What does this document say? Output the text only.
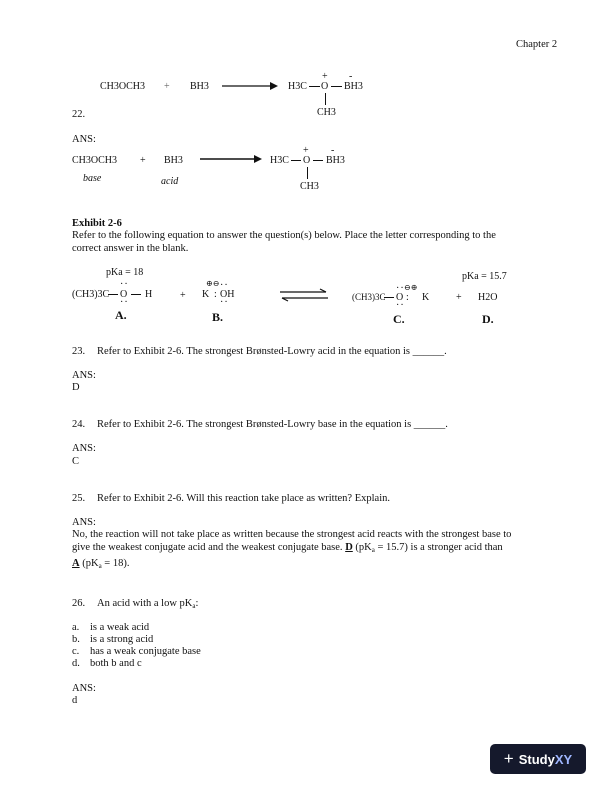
Chapter 2
CH3OCH3 + BH3	H3C O BH3
+ -
CH3
22.
ANS:
CH3OCH3 + BH3
base	acid
H3C O BH3
+ -
CH3
Exhibit 2-6
Refer to the following equation to answer the question(s) below. Place the letter corresponding to the correct answer in the blank.
pKa = 18	pKa = 15.7
(CH3)3C O
··
··
H	+ K
⊕⊖
: OH
··
·· ⇌	(CH3)3C O
··
··
⊖⊕
: K	+ H2O
A.	B.	C.	D.
23. Refer to Exhibit 2-6. The strongest Brønsted-Lowry acid in the equation is ______.
ANS:
D
24. Refer to Exhibit 2-6. The strongest Brønsted-Lowry base in the equation is ______.
ANS:
C
25. Refer to Exhibit 2-6. Will this reaction take place as written? Explain.
ANS:
No, the reaction will not take place as written because the strongest acid reacts with the strongest base to give the weakest conjugate acid and the weakest conjugate base. D $(pK_a = 15.7)$ is a stronger acid than A $(pK_a = 18)$.
26. An acid with a low $pK_a$:
a. is a weak acid
b. is a strong acid
c. has a weak conjugate base
d. both b and c
ANS:
d
+ Study XY
